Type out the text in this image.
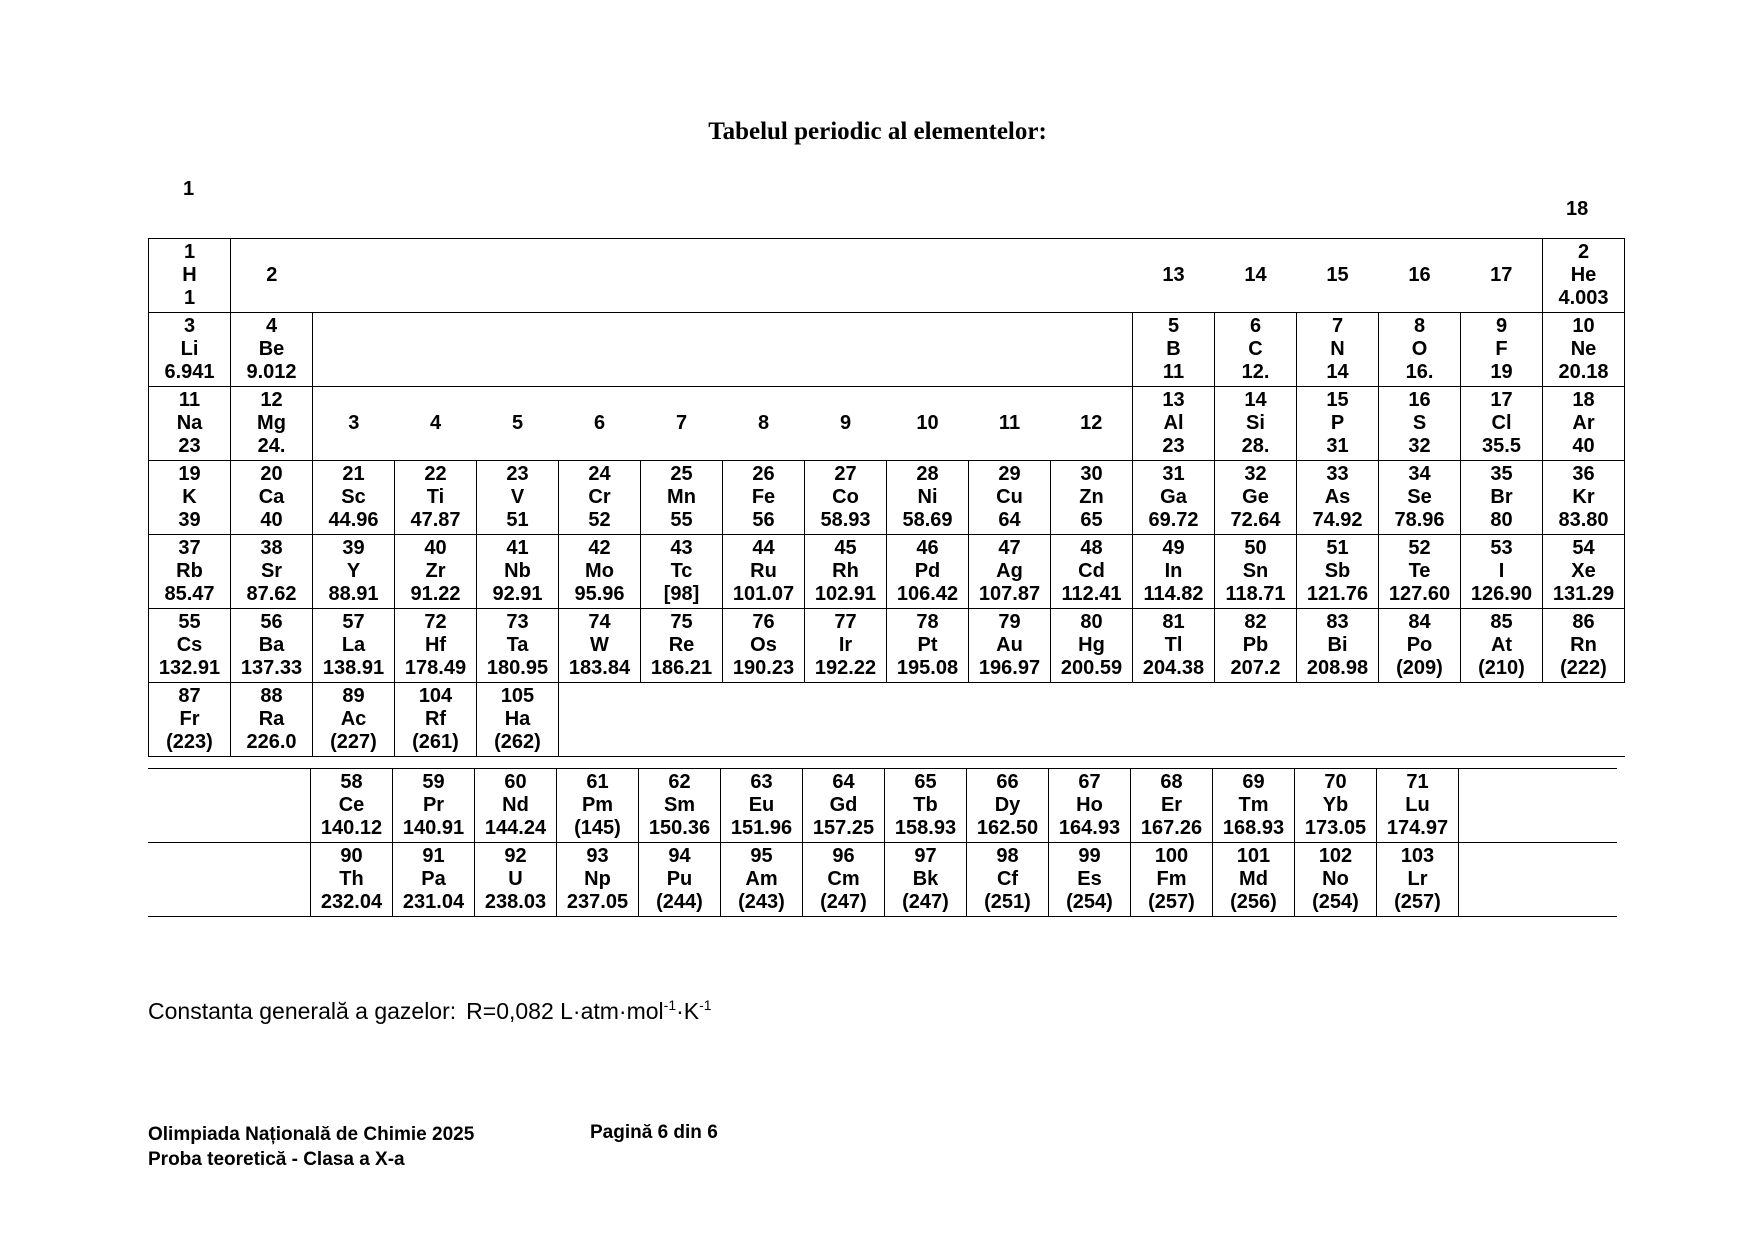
Tabelul periodic al elementelor:
1
18
1
H
1	2											13	14	15	16	17	2
He
4.003

3
Li
6.941	4
Be
9.012											5
B
11	6
C
12.	7
N
14	8
O
16.	9
F
19	10
Ne
20.18

11
Na
23	12
Mg
24.	3	4	5	6	7	8	9	10	11	12	13
Al
23	14
Si
28.	15
P
31	16
S
32	17
Cl
35.5	18
Ar
40

19
K
39	20
Ca
40	21
Sc
44.96	22
Ti
47.87	23
V
51	24
Cr
52	25
Mn
55	26
Fe
56	27
Co
58.93	28
Ni
58.69	29
Cu
64	30
Zn
65	31
Ga
69.72	32
Ge
72.64	33
As
74.92	34
Se
78.96	35
Br
80	36
Kr
83.80

37
Rb
85.47	38
Sr
87.62	39
Y
88.91	40
Zr
91.22	41
Nb
92.91	42
Mo
95.96	43
Tc
[98]	44
Ru
101.07	45
Rh
102.91	46
Pd
106.42	47
Ag
107.87	48
Cd
112.41	49
In
114.82	50
Sn
118.71	51
Sb
121.76	52
Te
127.60	53
I
126.90	54
Xe
131.29

55
Cs
132.91	56
Ba
137.33	57
La
138.91	72
Hf
178.49	73
Ta
180.95	74
W
183.84	75
Re
186.21	76
Os
190.23	77
Ir
192.22	78
Pt
195.08	79
Au
196.97	80
Hg
200.59	81
Tl
204.38	82
Pb
207.2	83
Bi
208.98	84
Po
(209)	85
At
(210)	86
Rn
(222)

87
Fr
(223)	88
Ra
226.0	89
Ac
(227)	104
Rf
(261)	105
Ha
(262)													

	58
Ce
140.12	59
Pr
140.91	60
Nd
144.24	61
Pm
(145)	62
Sm
150.36	63
Eu
151.96	64
Gd
157.25	65
Tb
158.93	66
Dy
162.50	67
Ho
164.93	68
Er
167.26	69
Tm
168.93	70
Yb
173.05	71
Lu
174.97	

	90
Th
232.04	91
Pa
231.04	92
U
238.03	93
Np
237.05	94
Pu
(244)	95
Am
(243)	96
Cm
(247)	97
Bk
(247)	98
Cf
(251)	99
Es
(254)	100
Fm
(257)	101
Md
(256)	102
No
(254)	103
Lr
(257)	

Constanta generală a gazelor: R=0,082 $L\cdot atm\cdot mol^{-1}\cdot K^{-1}$
Olimpiada Națională de Chimie 2025
Proba teoretică - Clasa a X-a
Pagină 6 din 6
